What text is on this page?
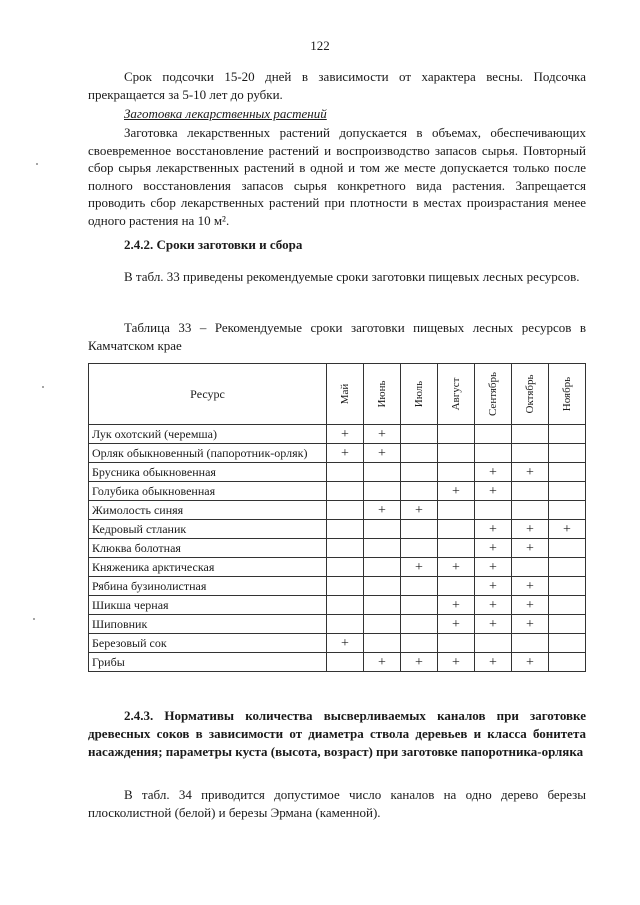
122

Срок подсочки 15-20 дней в зависимости от характера весны. Подсочка прекращается за 5-10 лет до рубки.

Заготовка лекарственных растений

Заготовка лекарственных растений допускается в объемах, обеспечивающих своевременное восстановление растений и воспроизводство запасов сырья. Повторный сбор сырья лекарственных растений в одной и том же месте допускается только после полного восстановления запасов сырья конкретного вида растения. Запрещается проводить сбор лекарственных растений при плотности в местах произрастания менее одного растения на 10 м².

2.4.2. Сроки заготовки и сбора

В табл. 33 приведены рекомендуемые сроки заготовки пищевых лесных ресурсов.

Таблица 33 – Рекомендуемые сроки заготовки пищевых лесных ресурсов в Камчатском крае

Ресурс	Май	Июнь	Июль	Август	Сентябрь	Октябрь	Ноябрь

Лук охотский (черемша)	+	+					
Орляк обыкновенный (папоротник-орляк)	+	+					
Брусника обыкновенная					+	+	
Голубика обыкновенная				+	+		
Жимолость синяя		+	+				
Кедровый стланик					+	+	+
Клюква болотная					+	+	
Княженика арктическая			+	+	+		
Рябина бузинолистная					+	+	
Шикша черная				+	+	+	
Шиповник				+	+	+	
Березовый сок	+						
Грибы		+	+	+	+	+	

2.4.3. Нормативы количества высверливаемых каналов при заготовке древесных соков в зависимости от диаметра ствола деревьев и класса бонитета насаждения; параметры куста (высота, возраст) при заготовке папоротника-орляка

В табл. 34 приводится допустимое число каналов на одно дерево березы плосколистной (белой) и березы Эрмана (каменной).
